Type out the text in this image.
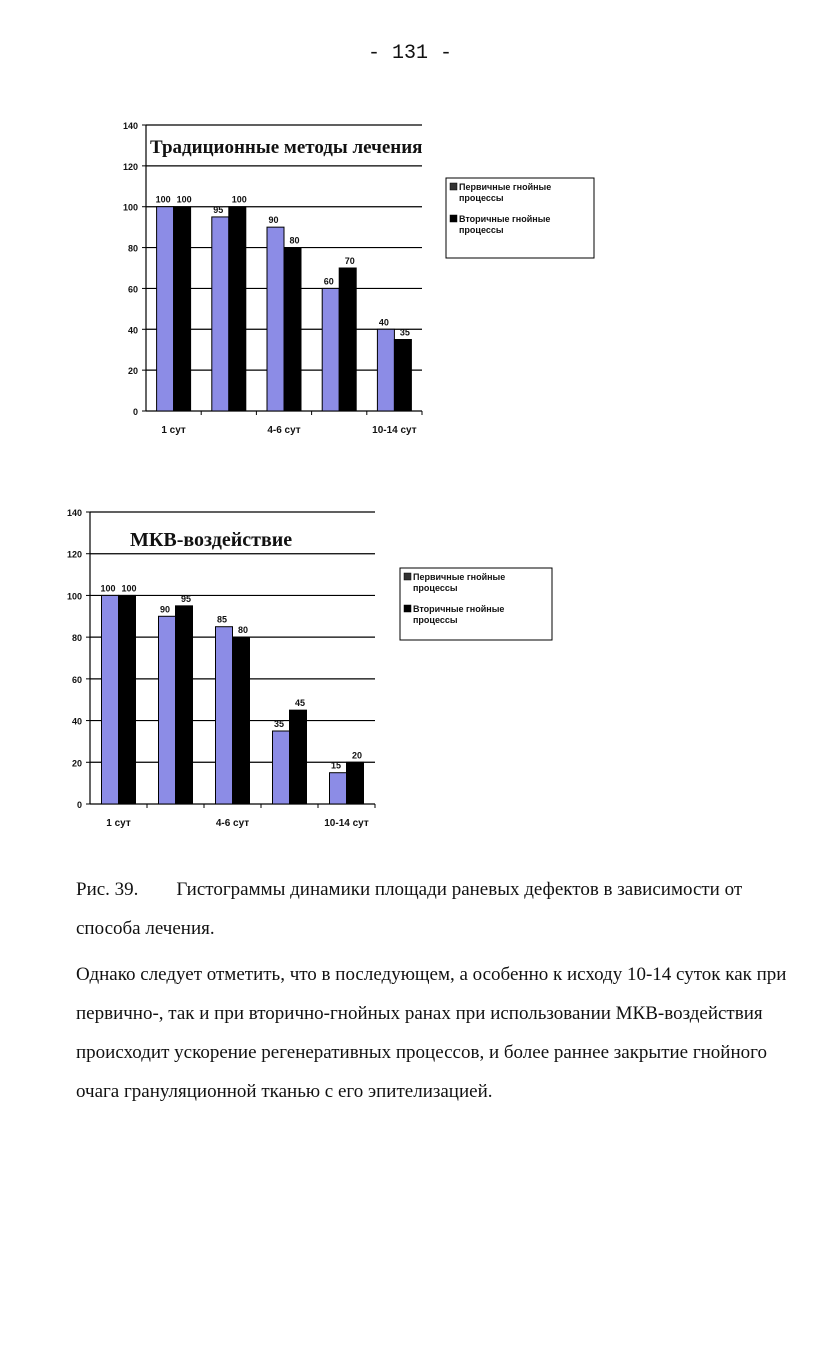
- 131 -
0
20
40
60
80
100
120
140
Традиционные методы лечения
100 100
1 сут
95
100
90
80
4-6 сут
60
70
40
35
10-14 сут
Первичные гнойные
процессы
Вторичные гнойные
процессы
0
20
40
60
80
100
120
140
МКВ-воздействие
100 100
1 сут
90
95
85
80
4-6 сут
35
45
15
20
10-14 сут
Первичные гнойные
процессы
Вторичные гнойные
процессы
Рис. 39. Гистограммы динамики площади раневых дефектов в зависимости от способа лечения.

Однако следует отметить, что в последующем, а особенно к исходу 10-14 суток как при первично-, так и при вторично-гнойных ранах при использовании МКВ-воздействия происходит ускорение регенеративных процессов, и более раннее закрытие гнойного очага грануляционной тканью с его эпителизацией.
